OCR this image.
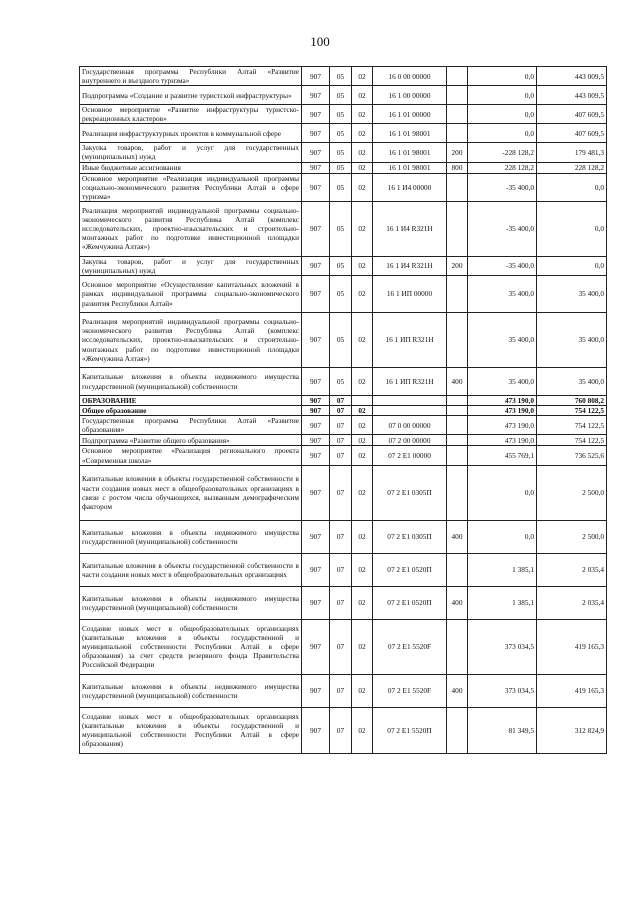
100
Государственная программа Республики Алтай «Развитие внутреннего и въездного туризма»	907	05	02	16 0 00 00000		0,0	443 009,5
Подпрограмма «Создание и развитие туристской инфраструктуры»	907	05	02	16 1 00 00000		0,0	443 009,5
Основное мероприятие «Развитие инфраструктуры туристско-рекреационных кластеров»	907	05	02	16 1 01 00000		0,0	407 609,5
Реализация инфраструктурных проектов в коммунальной сфере	907	05	02	16 1 01 98001		0,0	407 609,5
Закупка товаров, работ и услуг для государственных (муниципальных) нужд	907	05	02	16 1 01 98001	200	-228 128,2	179 481,3
Иные бюджетные ассигнования	907	05	02	16 1 01 98001	800	228 128,2	228 128,2
Основное мероприятие «Реализация индивидуальной программы социально-экономического развития Республики Алтай в сфере туризма»	907	05	02	16 1 И4 00000		-35 400,0	0,0
Реализация мероприятий индивидуальной программы социально-экономического развития Республика Алтай (комплекс исследовательских, проектно-изыскательских и строительно-монтажных работ по подготовке инвестиционной площадки «Жемчужина Алтая»)	907	05	02	16 1 И4 R321Н		-35 400,0	0,0
Закупка товаров, работ и услуг для государственных (муниципальных) нужд	907	05	02	16 1 И4 R321Н	200	-35 400,0	0,0
Основное мероприятие «Осуществление капитальных вложений в рамках индивидуальной программы социально-экономического развития Республики Алтай»	907	05	02	16 1 ИП 00000		35 400,0	35 400,0
Реализация мероприятий индивидуальной программы социально-экономического развития Республика Алтай (комплекс исследовательских, проектно-изыскательских и строительно-монтажных работ по подготовке инвестиционной площадки «Жемчужина Алтая»)	907	05	02	16 1 ИП R321Н		35 400,0	35 400,0
Капитальные вложения в объекты недвижимого имущества государственной (муниципальной) собственности	907	05	02	16 1 ИП R321Н	400	35 400,0	35 400,0
ОБРАЗОВАНИЕ	907	07				473 190,0	760 808,2
Общее образование	907	07	02			473 190,0	754 122,5
Государственная программа Республики Алтай «Развитие образования»	907	07	02	07 0 00 00000		473 190,0	754 122,5
Подпрограмма «Развитие общего образования»	907	07	02	07 2 00 00000		473 190,0	754 122,5
Основное мероприятие «Реализация регионального проекта «Современная школа»	907	07	02	07 2 E1 00000		455 769,1	736 525,6
Капитальные вложения в объекты государственной собственности в части создания новых мест в общеобразовательных организациях в связи с ростом числа обучающихся, вызванным демографическим фактором	907	07	02	07 2 E1 0305П		0,0	2 500,0
Капитальные вложения в объекты недвижимого имущества государственной (муниципальной) собственности	907	07	02	07 2 E1 0305П	400	0,0	2 500,0
Капитальные вложения в объекты государственной собственности в части создания новых мест в общеобразовательных организациях	907	07	02	07 2 E1 0520П		1 385,1	2 035,4
Капитальные вложения в объекты недвижимого имущества государственной (муниципальной) собственности	907	07	02	07 2 E1 0520П	400	1 385,1	2 035,4
Создание новых мест в общеобразовательных организациях (капитальные вложения в объекты государственной и муниципальной собственности Республики Алтай в сфере образования) за счет средств резервного фонда Правительства Российской Федерации	907	07	02	07 2 E1 5520F		373 034,5	419 165,3
Капитальные вложения в объекты недвижимого имущества государственной (муниципальной) собственности	907	07	02	07 2 E1 5520F	400	373 034,5	419 165,3
Создание новых мест в общеобразовательных организациях (капитальные вложения в объекты государственной и муниципальной собственности Республики Алтай в сфере образования)	907	07	02	07 2 E1 5520П		81 349,5	312 824,9
